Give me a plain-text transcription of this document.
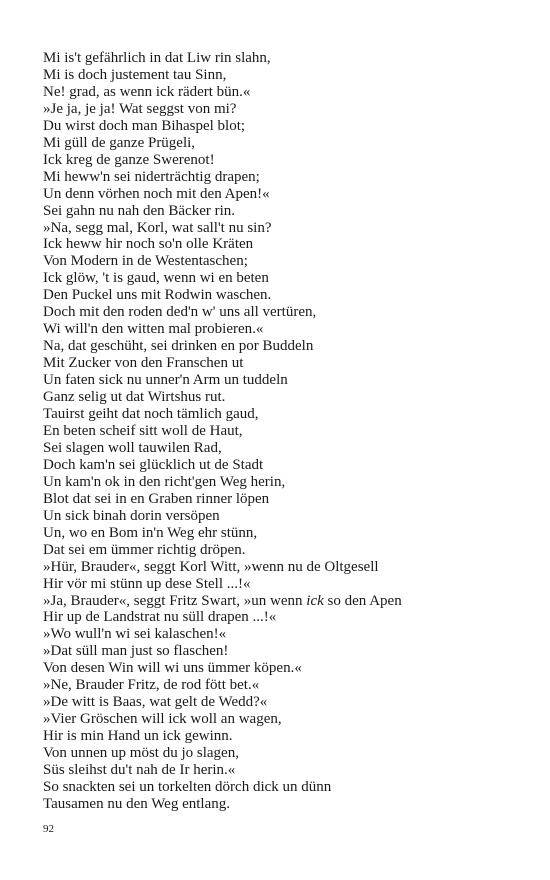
Mi is't gefährlich in dat Liw rin slahn,
Mi is doch justement tau Sinn,
Ne! grad, as wenn ick rädert bün.«
»Je ja, je ja! Wat seggst von mi?
Du wirst doch man Bihaspel blot;
Mi güll de ganze Prügeli,
Ick kreg de ganze Swerenot!
Mi heww'n sei niderträchtig drapen;
Un denn vörhen noch mit den Apen!«
Sei gahn nu nah den Bäcker rin.
»Na, segg mal, Korl, wat sall't nu sin?
Ick heww hir noch so'n olle Kräten
Von Modern in de Westentaschen;
Ick glöw, 't is gaud, wenn wi en beten
Den Puckel uns mit Rodwin waschen.
Doch mit den roden ded'n w' uns all vertüren,
Wi will'n den witten mal probieren.«
Na, dat geschüht, sei drinken en por Buddeln
Mit Zucker von den Franschen ut
Un faten sick nu unner'n Arm un tuddeln
Ganz selig ut dat Wirtshus rut.
Tauirst geiht dat noch tämlich gaud,
En beten scheif sitt woll de Haut,
Sei slagen woll tauwilen Rad,
Doch kam'n sei glücklich ut de Stadt
Un kam'n ok in den richt'gen Weg herin,
Blot dat sei in en Graben rinner löpen
Un sick binah dorin versöpen
Un, wo en Bom in'n Weg ehr stünn,
Dat sei em ümmer richtig dröpen.
»Hür, Brauder«, seggt Korl Witt, »wenn nu de Oltgesell
Hir vör mi stünn up dese Stell ...!«
»Ja, Brauder«, seggt Fritz Swart, »un wenn ick so den Apen
Hir up de Landstrat nu süll drapen ...!«
»Wo wull'n wi sei kalaschen!«
»Dat süll man just so flaschen!
Von desen Win will wi uns ümmer köpen.«
»Ne, Brauder Fritz, de rod fött bet.«
»De witt is Baas, wat gelt de Wedd?«
»Vier Gröschen will ick woll an wagen,
Hir is min Hand un ick gewinn.
Von unnen up möst du jo slagen,
Süs sleihst du't nah de Ir herin.«
So snackten sei un torkelten dörch dick un dünn
Tausamen nu den Weg entlang.
92
